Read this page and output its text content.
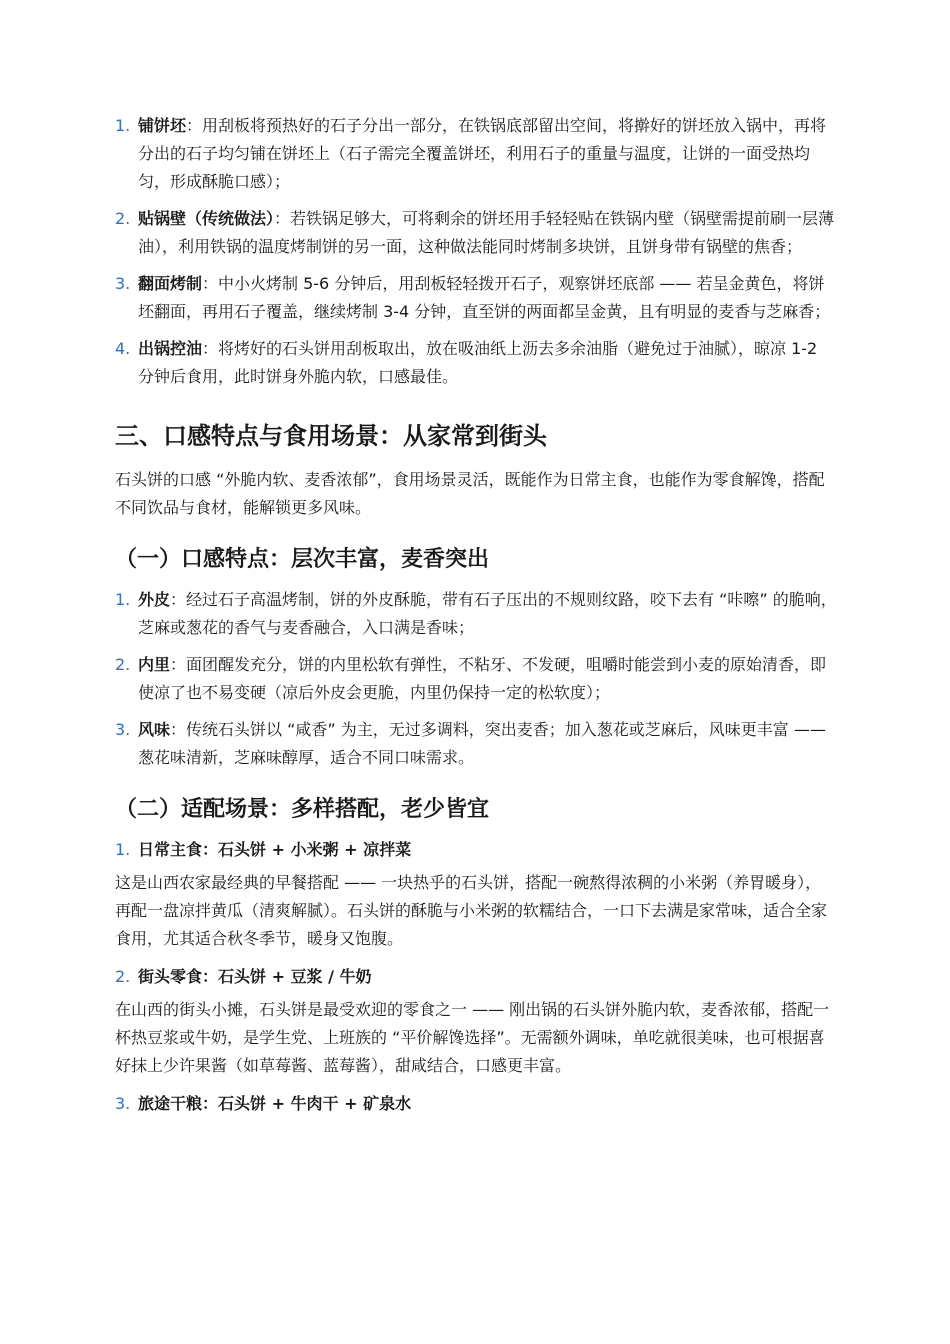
1. 铺饼坯：用刮板将预热好的石子分出一部分，在铁锅底部留出空间，将擀好的饼坯放入锅中，再将分出的石子均匀铺在饼坯上（石子需完全覆盖饼坯，利用石子的重量与温度，让饼的一面受热均匀，形成酥脆口感）；
2. 贴锅壁（传统做法）：若铁锅足够大，可将剩余的饼坯用手轻轻贴在铁锅内壁（锅壁需提前刷一层薄油），利用铁锅的温度烤制饼的另一面，这种做法能同时烤制多块饼，且饼身带有锅壁的焦香；
3. 翻面烤制：中小火烤制 5-6 分钟后，用刮板轻轻拨开石子，观察饼坯底部 —— 若呈金黄色，将饼坯翻面，再用石子覆盖，继续烤制 3-4 分钟，直至饼的两面都呈金黄，且有明显的麦香与芝麻香；
4. 出锅控油：将烤好的石头饼用刮板取出，放在吸油纸上沥去多余油脂（避免过于油腻），晾凉 1-2 分钟后食用，此时饼身外脆内软，口感最佳。
三、口感特点与食用场景：从家常到街头

石头饼的口感 “外脆内软、麦香浓郁”，食用场景灵活，既能作为日常主食，也能作为零食解馋，搭配不同饮品与食材，能解锁更多风味。

（一）口感特点：层次丰富，麦香突出
1. 外皮：经过石子高温烤制，饼的外皮酥脆，带有石子压出的不规则纹路，咬下去有 “咔嚓” 的脆响，芝麻或葱花的香气与麦香融合，入口满是香味；
2. 内里：面团醒发充分，饼的内里松软有弹性，不粘牙、不发硬，咀嚼时能尝到小麦的原始清香，即使凉了也不易变硬（凉后外皮会更脆，内里仍保持一定的松软度）；
3. 风味：传统石头饼以 “咸香” 为主，无过多调料，突出麦香；加入葱花或芝麻后，风味更丰富 —— 葱花味清新，芝麻味醇厚，适合不同口味需求。
（二）适配场景：多样搭配，老少皆宜
1. 日常主食：石头饼 + 小米粥 + 凉拌菜

这是山西农家最经典的早餐搭配 —— 一块热乎的石头饼，搭配一碗熬得浓稠的小米粥（养胃暖身），再配一盘凉拌黄瓜（清爽解腻）。石头饼的酥脆与小米粥的软糯结合，一口下去满是家常味，适合全家食用，尤其适合秋冬季节，暖身又饱腹。

2. 街头零食：石头饼 + 豆浆 / 牛奶

在山西的街头小摊，石头饼是最受欢迎的零食之一 —— 刚出锅的石头饼外脆内软，麦香浓郁，搭配一杯热豆浆或牛奶，是学生党、上班族的 “平价解馋选择”。无需额外调味，单吃就很美味，也可根据喜好抹上少许果酱（如草莓酱、蓝莓酱），甜咸结合，口感更丰富。

3. 旅途干粮：石头饼 + 牛肉干 + 矿泉水
